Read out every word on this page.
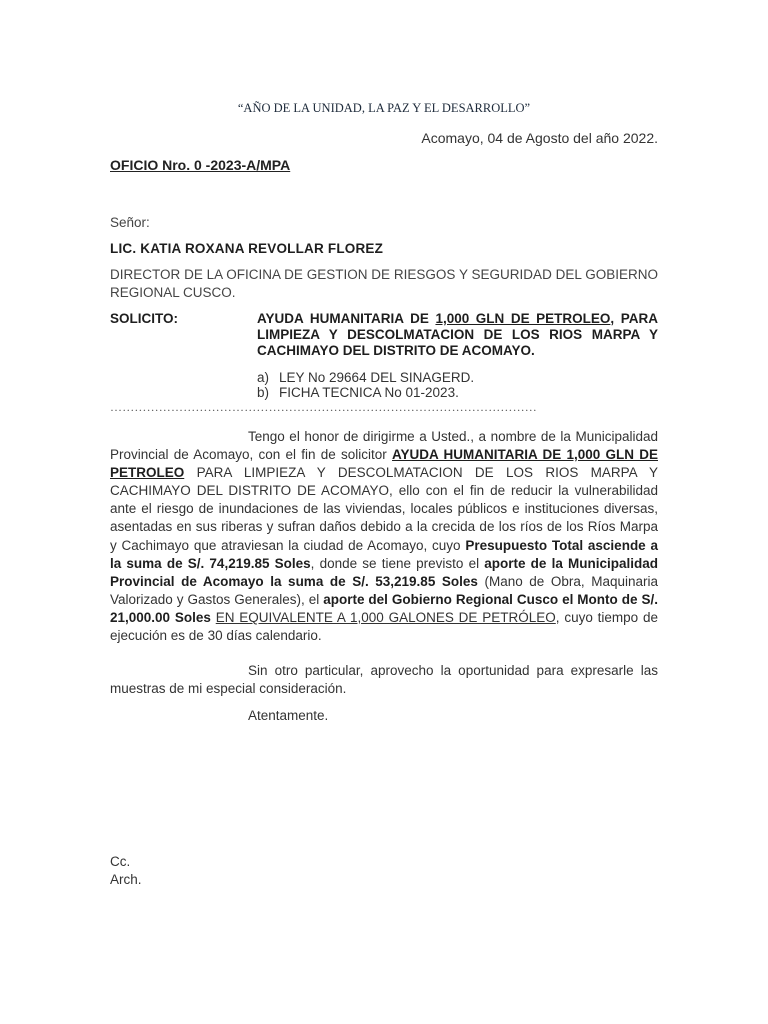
“AÑO DE LA UNIDAD, LA PAZ Y EL DESARROLLO”
Acomayo, 04 de Agosto del año 2022.
OFICIO Nro. 0 -2023-A/MPA
Señor:
LIC. KATIA ROXANA REVOLLAR FLOREZ
DIRECTOR DE LA OFICINA DE GESTION DE RIESGOS Y SEGURIDAD DEL GOBIERNO REGIONAL CUSCO.
SOLICITO:	AYUDA HUMANITARIA DE 1,000 GLN DE PETROLEO, PARA LIMPIEZA Y DESCOLMATACION DE LOS RIOS MARPA Y CACHIMAYO DEL DISTRITO DE ACOMAYO.
a) LEY No 29664 DEL SINAGERD.
b) FICHA TECNICA No 01-2023.
……………………………………………………………………………………………
Tengo el honor de dirigirme a Usted., a nombre de la Municipalidad Provincial de Acomayo, con el fin de solicitor AYUDA HUMANITARIA DE 1,000 GLN DE PETROLEO PARA LIMPIEZA Y DESCOLMATACION DE LOS RIOS MARPA Y CACHIMAYO DEL DISTRITO DE ACOMAYO, ello con el fin de reducir la vulnerabilidad ante el riesgo de inundaciones de las viviendas, locales públicos e instituciones diversas, asentadas en sus riberas y sufran daños debido a la crecida de los ríos de los Ríos Marpa y Cachimayo que atraviesan la ciudad de Acomayo, cuyo Presupuesto Total asciende a la suma de S/. 74,219.85 Soles, donde se tiene previsto el aporte de la Municipalidad Provincial de Acomayo la suma de S/. 53,219.85 Soles (Mano de Obra, Maquinaria Valorizado y Gastos Generales), el aporte del Gobierno Regional Cusco el Monto de S/. 21,000.00 Soles EN EQUIVALENTE A 1,000 GALONES DE PETRÓLEO, cuyo tiempo de ejecución es de 30 días calendario.
Sin otro particular, aprovecho la oportunidad para expresarle las muestras de mi especial consideración.
Atentamente.
Cc.
Arch.
